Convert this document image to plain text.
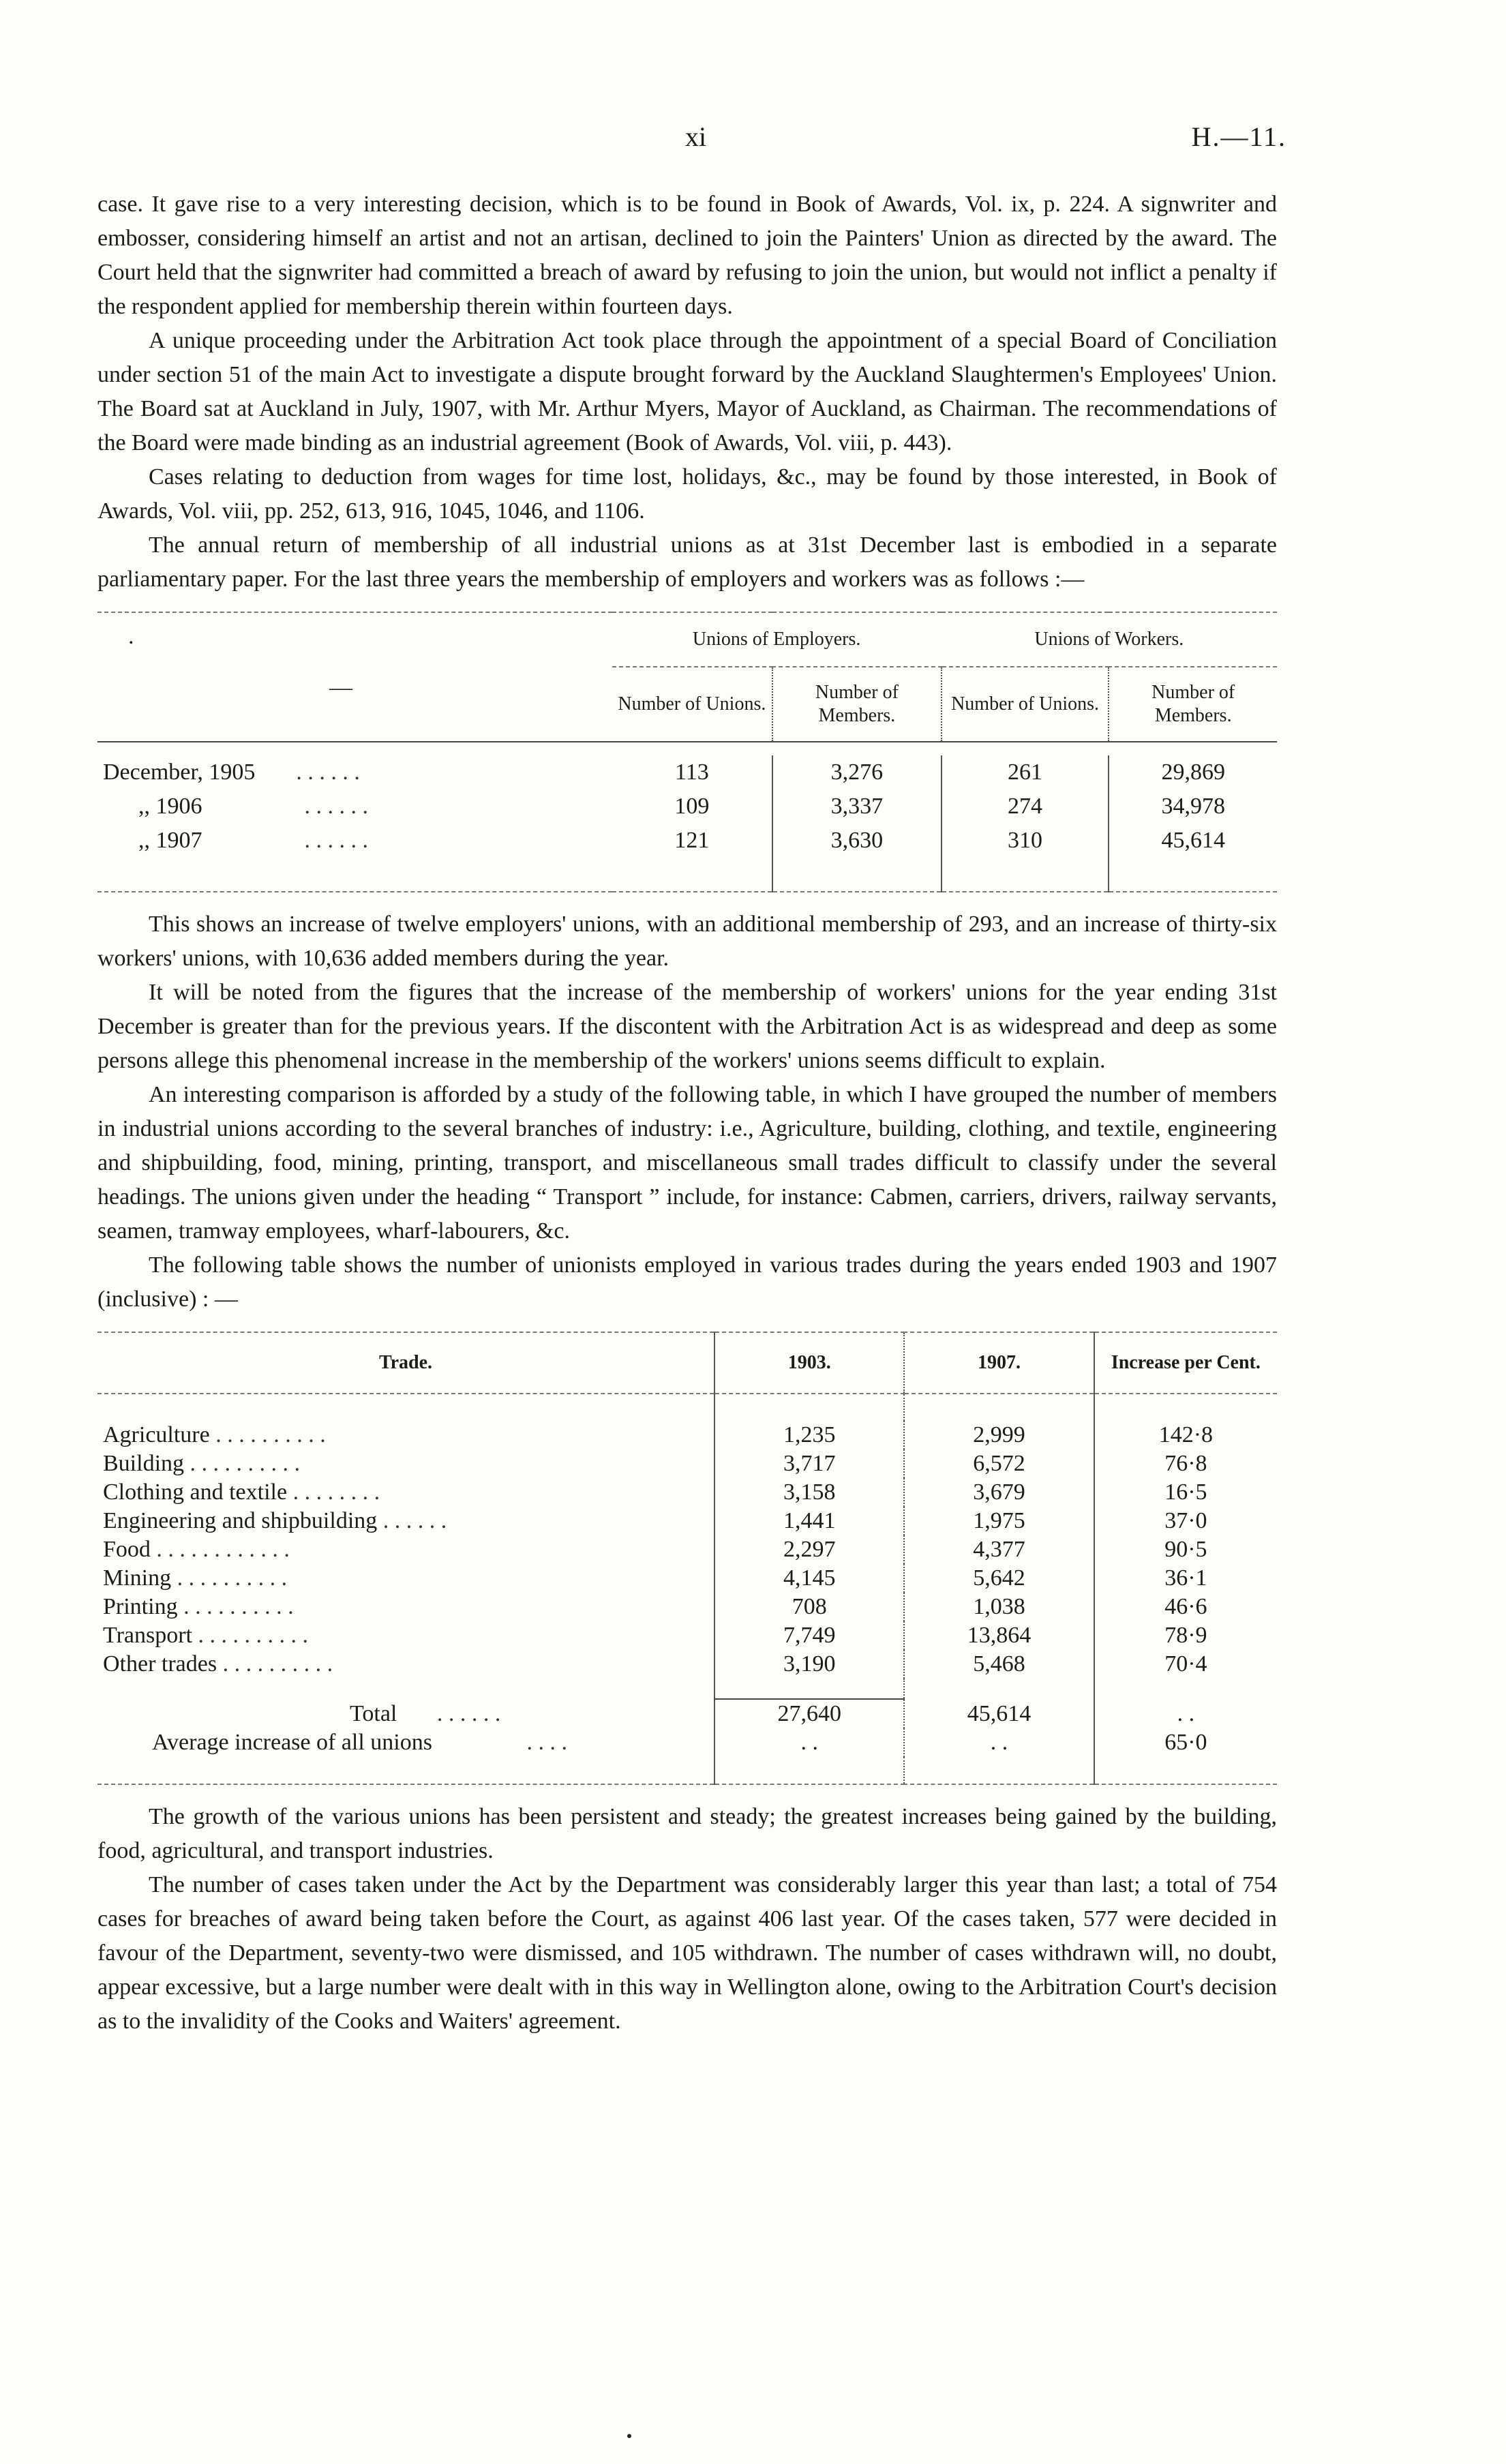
xi	H.—11.

case. It gave rise to a very interesting decision, which is to be found in Book of Awards, Vol. ix, p. 224. A signwriter and embosser, considering himself an artist and not an artisan, declined to join the Painters' Union as directed by the award. The Court held that the signwriter had committed a breach of award by refusing to join the union, but would not inflict a penalty if the respondent applied for membership therein within fourteen days.

A unique proceeding under the Arbitration Act took place through the appointment of a special Board of Conciliation under section 51 of the main Act to investigate a dispute brought forward by the Auckland Slaughtermen's Employees' Union. The Board sat at Auckland in July, 1907, with Mr. Arthur Myers, Mayor of Auckland, as Chairman. The recommendations of the Board were made binding as an industrial agreement (Book of Awards, Vol. viii, p. 443).

Cases relating to deduction from wages for time lost, holidays, &c., may be found by those interested, in Book of Awards, Vol. viii, pp. 252, 613, 916, 1045, 1046, and 1106.

The annual return of membership of all industrial unions as at 31st December last is embodied in a separate parliamentary paper. For the last three years the membership of employers and workers was as follows :—

.
—	Unions of Employers.		Unions of Workers.	
	Number of Unions.	Number of Members.	Number of Unions.	Number of Members.

December, 1905 . . . . . .	113	3,276	261	29,869
,, 1906 . . . . . .	109	3,337	274	34,978
,, 1907 . . . . . .	121	3,630	310	45,614

This shows an increase of twelve employers' unions, with an additional membership of 293, and an increase of thirty-six workers' unions, with 10,636 added members during the year.

It will be noted from the figures that the increase of the membership of workers' unions for the year ending 31st December is greater than for the previous years. If the discontent with the Arbitration Act is as widespread and deep as some persons allege this phenomenal increase in the membership of the workers' unions seems difficult to explain.

An interesting comparison is afforded by a study of the following table, in which I have grouped the number of members in industrial unions according to the several branches of industry: i.e., Agriculture, building, clothing, and textile, engineering and shipbuilding, food, mining, printing, transport, and miscellaneous small trades difficult to classify under the several headings. The unions given under the heading “ Transport ” include, for instance: Cabmen, carriers, drivers, railway servants, seamen, tramway employees, wharf-labourers, &c.

The following table shows the number of unionists employed in various trades during the years ended 1903 and 1907 (inclusive) : —

Trade.	1903.	1907.	Increase per Cent.

Agriculture . . . . . . . . . .	1,235	2,999	142·8
Building . . . . . . . . . .	3,717	6,572	76·8
Clothing and textile . . . . . . . .	3,158	3,679	16·5
Engineering and shipbuilding . . . . . .	1,441	1,975	37·0
Food . . . . . . . . . . . .	2,297	4,377	90·5
Mining . . . . . . . . . .	4,145	5,642	36·1
Printing . . . . . . . . . .	708	1,038	46·6
Transport . . . . . . . . . .	7,749	13,864	78·9
Other trades . . . . . . . . . .	3,190	5,468	70·4

Total . . . . . .	27,640	45,614	. .
Average increase of all unions . . . .	. .	. .	65·0

The growth of the various unions has been persistent and steady; the greatest increases being gained by the building, food, agricultural, and transport industries.

The number of cases taken under the Act by the Department was considerably larger this year than last; a total of 754 cases for breaches of award being taken before the Court, as against 406 last year. Of the cases taken, 577 were decided in favour of the Department, seventy-two were dismissed, and 105 withdrawn. The number of cases withdrawn will, no doubt, appear excessive, but a large number were dealt with in this way in Wellington alone, owing to the Arbitration Court's decision as to the invalidity of the Cooks and Waiters' agreement.
